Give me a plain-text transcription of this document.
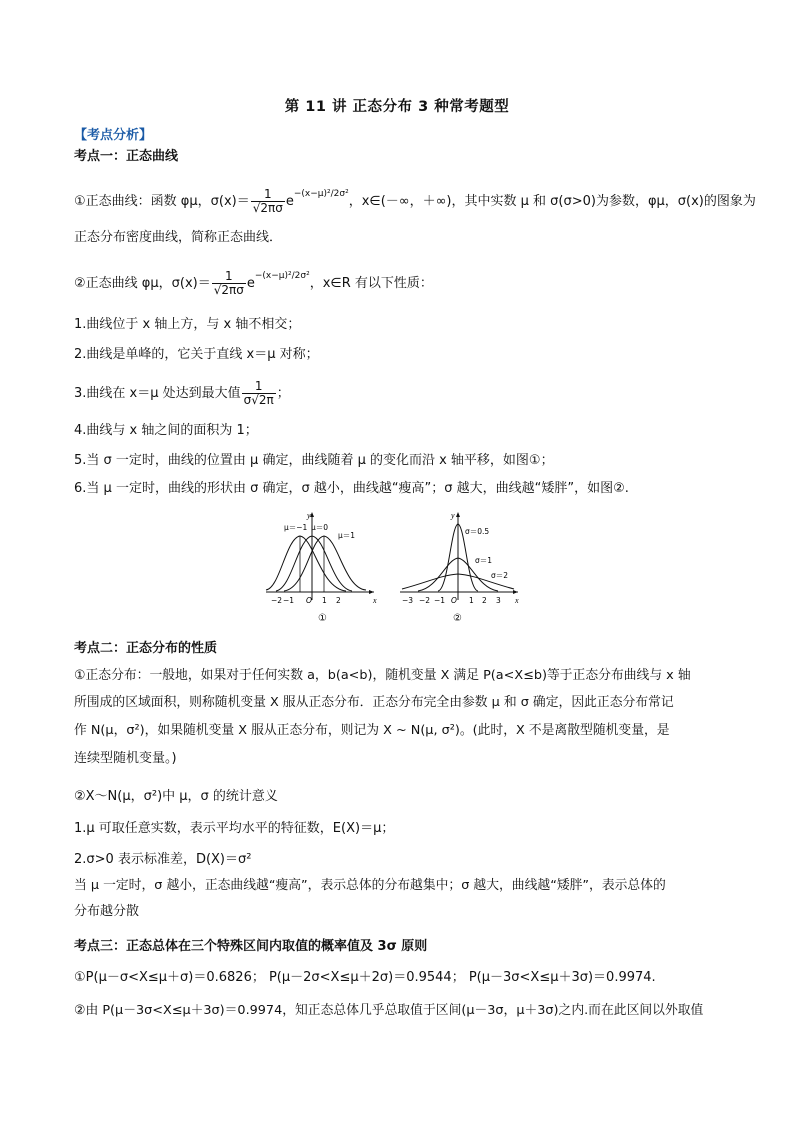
第 11 讲 正态分布 3 种常考题型
【考点分析】
考点一：正态曲线
①正态曲线：函数 φμ，$\sigma(x)= \frac{1}{√2\pi\sigma} e^{-(x-\mu)^2/2\sigma^2}$，x∈(－∞，＋∞)，其中实数 μ 和 σ(σ>0)为参数，φμ，σ(x)的图象为
正态分布密度曲线，简称正态曲线．
②正态曲线 φμ，$\sigma(x)= \frac{1}{√2\pi\sigma} e^{-(x-\mu)^2/2\sigma^2}$，x∈R 有以下性质：
1.曲线位于 x 轴上方，与 x 轴不相交；
2.曲线是单峰的，它关于直线 x＝μ 对称；
3.曲线在 x＝μ 处达到最大值 $\frac{1}{\sigma√2\pi}$ ；
4.曲线与 x 轴之间的面积为 1；
5.当 σ 一定时，曲线的位置由 μ 确定，曲线随着 μ 的变化而沿 x 轴平移，如图①；
6.当 μ 一定时，曲线的形状由 σ 确定，σ 越小，曲线越“瘦高”；σ 越大，曲线越“矮胖”，如图②.
y
x
μ＝−1 μ＝0
μ＝1
−2 −1 O 1 2
①
y
x
σ＝0.5
σ＝1
σ＝2
−3 −2 −1 O 1 2 3
②
考点二：正态分布的性质
①正态分布：一般地，如果对于任何实数 a，b(a<b)，随机变量 X 满足 P(a<X≤b)等于正态分布曲线与 x 轴
所围成的区域面积，则称随机变量 X 服从正态分布．正态分布完全由参数 μ 和 σ 确定，因此正态分布常记
作 N(μ，σ²)，如果随机变量 X 服从正态分布，则记为 X ~ N(μ, σ²)。(此时，X 不是离散型随机变量，是
连续型随机变量。)
②X～N(μ，σ²)中 μ，σ 的统计意义
1.μ 可取任意实数，表示平均水平的特征数，E(X)＝μ；
2.σ>0 表示标准差，D(X)＝σ²
当 μ 一定时，σ 越小，正态曲线越“瘦高”，表示总体的分布越集中；σ 越大，曲线越“矮胖”，表示总体的
分布越分散
考点三：正态总体在三个特殊区间内取值的概率值及 3σ 原则
①P(μ－σ<X≤μ＋σ)＝0.6826； P(μ－2σ<X≤μ＋2σ)＝0.9544； P(μ－3σ<X≤μ＋3σ)＝0.9974.
②由 P(μ－3σ<X≤μ＋3σ)＝0.9974，知正态总体几乎总取值于区间(μ－3σ，μ＋3σ)之内.而在此区间以外取值
